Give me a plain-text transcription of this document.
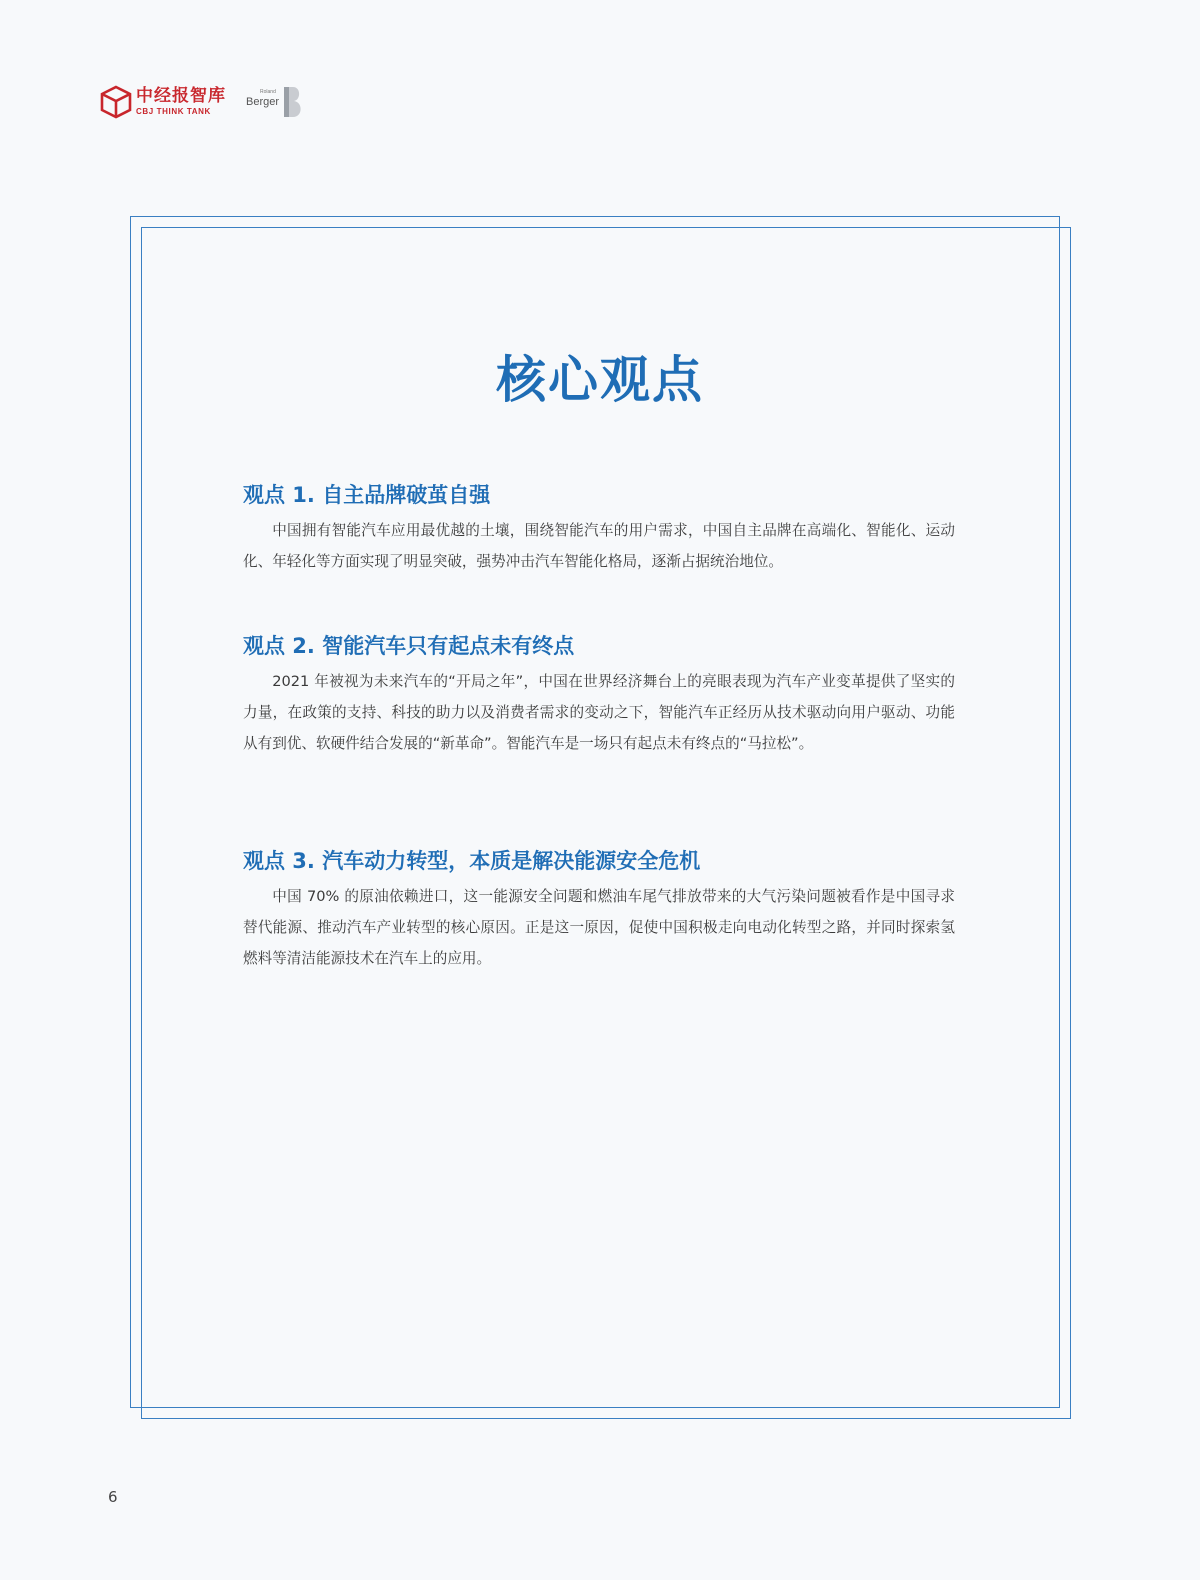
中经报智库
CBJ THINK TANK
Roland
Berger
核心观点
观点 1. 自主品牌破茧自强

中国拥有智能汽车应用最优越的土壤，围绕智能汽车的用户需求，中国自主品牌在高端化、智能化、运动化、年轻化等方面实现了明显突破，强势冲击汽车智能化格局，逐渐占据统治地位。

观点 2. 智能汽车只有起点未有终点

2021 年被视为未来汽车的“开局之年”，中国在世界经济舞台上的亮眼表现为汽车产业变革提供了坚实的力量，在政策的支持、科技的助力以及消费者需求的变动之下，智能汽车正经历从技术驱动向用户驱动、功能从有到优、软硬件结合发展的“新革命”。智能汽车是一场只有起点未有终点的“马拉松”。

观点 3. 汽车动力转型，本质是解决能源安全危机

中国 70% 的原油依赖进口，这一能源安全问题和燃油车尾气排放带来的大气污染问题被看作是中国寻求替代能源、推动汽车产业转型的核心原因。正是这一原因，促使中国积极走向电动化转型之路，并同时探索氢燃料等清洁能源技术在汽车上的应用。

6
